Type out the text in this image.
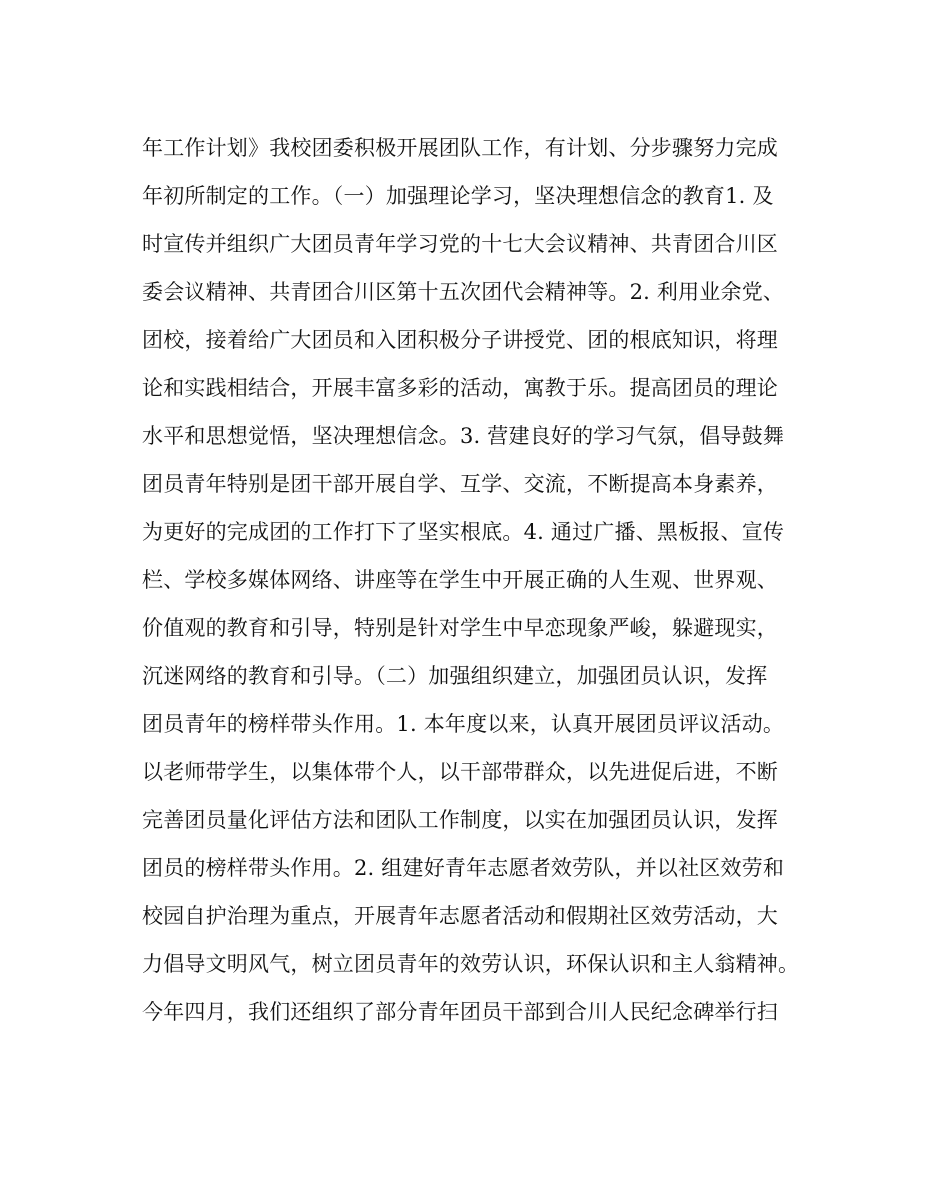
年工作计划》我校团委积极开展团队工作，有计划、分步骤努力完成
年初所制定的工作。（一）加强理论学习，坚决理想信念的教育1. 及
时宣传并组织广大团员青年学习党的十七大会议精神、共青团合川区
委会议精神、共青团合川区第十五次团代会精神等。2. 利用业余党、
团校，接着给广大团员和入团积极分子讲授党、团的根底知识，将理
论和实践相结合，开展丰富多彩的活动，寓教于乐。提高团员的理论
水平和思想觉悟，坚决理想信念。3. 营建良好的学习气氛，倡导鼓舞
团员青年特别是团干部开展自学、互学、交流，不断提高本身素养，
为更好的完成团的工作打下了坚实根底。4. 通过广播、黑板报、宣传
栏、学校多媒体网络、讲座等在学生中开展正确的人生观、世界观、
价值观的教育和引导，特别是针对学生中早恋现象严峻，躲避现实，
沉迷网络的教育和引导。（二）加强组织建立，加强团员认识，发挥
团员青年的榜样带头作用。1. 本年度以来，认真开展团员评议活动。
以老师带学生，以集体带个人，以干部带群众，以先进促后进，不断
完善团员量化评估方法和团队工作制度，以实在加强团员认识，发挥
团员的榜样带头作用。2. 组建好青年志愿者效劳队，并以社区效劳和
校园自护治理为重点，开展青年志愿者活动和假期社区效劳活动，大
力倡导文明风气，树立团员青年的效劳认识，环保认识和主人翁精神。
今年四月，我们还组织了部分青年团员干部到合川人民纪念碑举行扫
